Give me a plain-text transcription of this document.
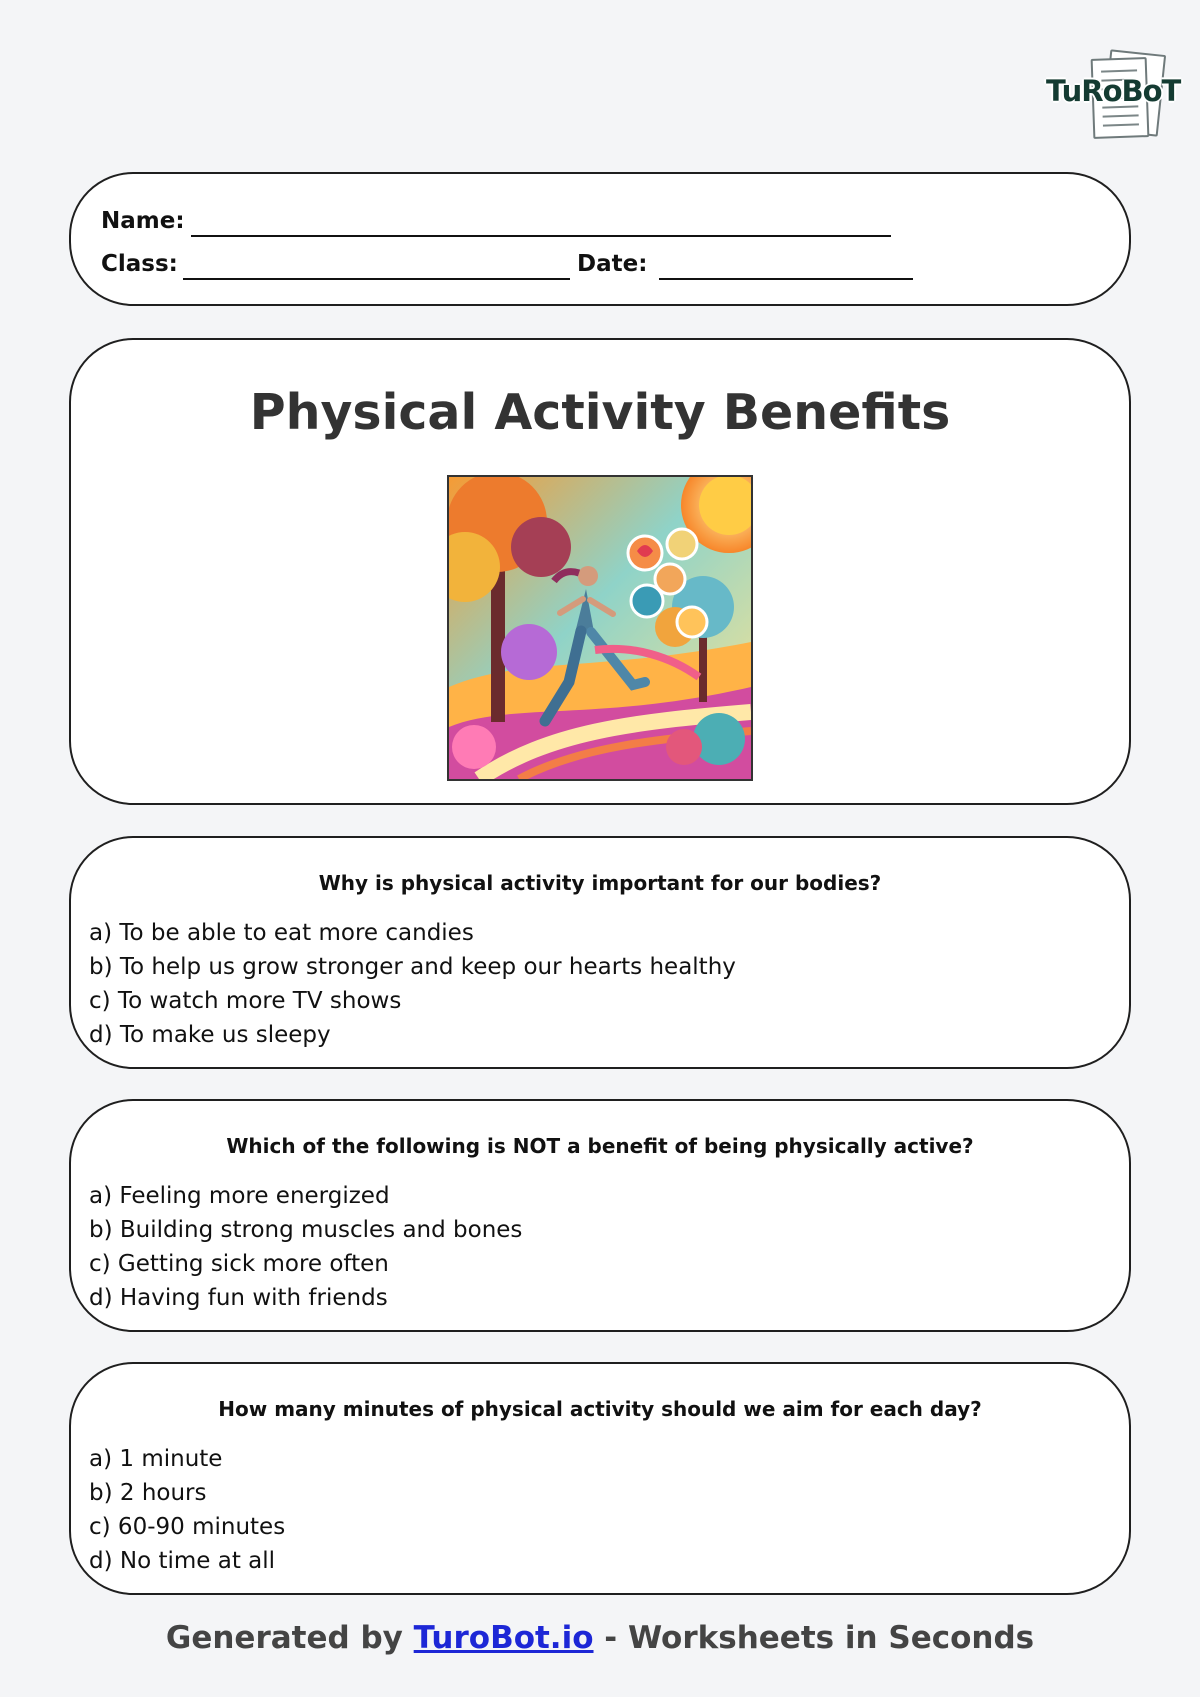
TuRoBoT
Name:
Class:	Date:
Physical Activity Benefits
Why is physical activity important for our bodies?
a) To be able to eat more candies
b) To help us grow stronger and keep our hearts healthy
c) To watch more TV shows
d) To make us sleepy
Which of the following is NOT a benefit of being physically active?
a) Feeling more energized
b) Building strong muscles and bones
c) Getting sick more often
d) Having fun with friends
How many minutes of physical activity should we aim for each day?
a) 1 minute
b) 2 hours
c) 60-90 minutes
d) No time at all
Generated by TuroBot.io - Worksheets in Seconds
